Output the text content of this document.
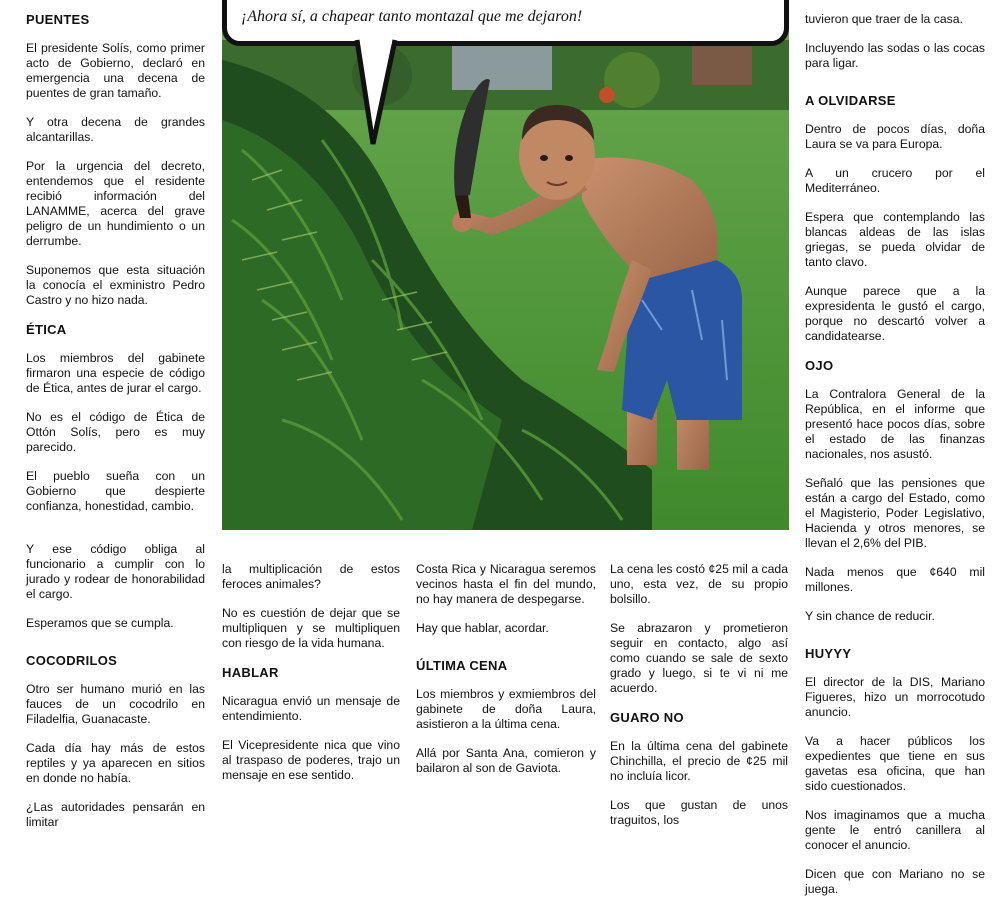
PUENTES

El presidente Solís, como primer acto de Gobierno, declaró en emergencia una decena de puentes de gran tamaño.

Y otra decena de grandes alcantarillas.

Por la urgencia del decreto, entendemos que el residente recibió información del LANAMME, acerca del grave peligro de un hundimiento o un derrumbe.

Suponemos que esta situación la conocía el exministro Pedro Castro y no hizo nada.

ÉTICA

Los miembros del gabinete firmaron una especie de código de Ética, antes de jurar el cargo.

No es el código de Ética de Ottón Solís, pero es muy parecido.

El pueblo sueña con un Gobierno que despierte confianza, honestidad, cambio.

Y ese código obliga al funcionario a cumplir con lo jurado y rodear de honorabilidad el cargo.

Esperamos que se cumpla.

COCODRILOS

Otro ser humano murió en las fauces de un cocodrilo en Filadelfia, Guanacaste.

Cada día hay más de estos reptiles y ya aparecen en sitios en donde no había.

¿Las autoridades pensarán en limitar

¡Ahora sí, a chapear tanto montazal que me dejaron!

la multiplicación de estos feroces animales?

No es cuestión de dejar que se multipliquen y se multipliquen con riesgo de la vida humana.

HABLAR

Nicaragua envió un mensaje de entendimiento.

El Vicepresidente nica que vino al traspaso de poderes, trajo un mensaje en ese sentido.

Costa Rica y Nicaragua seremos vecinos hasta el fin del mundo, no hay manera de despegarse.

Hay que hablar, acordar.

ÚLTIMA CENA

Los miembros y exmiembros del gabinete de doña Laura, asistieron a la última cena.

Allá por Santa Ana, comieron y bailaron al son de Gaviota.

La cena les costó ¢25 mil a cada uno, esta vez, de su propio bolsillo.

Se abrazaron y prometieron seguir en contacto, algo así como cuando se sale de sexto grado y luego, si te vi ni me acuerdo.

GUARO NO

En la última cena del gabinete Chinchilla, el precio de ¢25 mil no incluía licor.

Los que gustan de unos traguitos, los

tuvieron que traer de la casa.

Incluyendo las sodas o las cocas para ligar.

A OLVIDARSE

Dentro de pocos días, doña Laura se va para Europa.

A un crucero por el Mediterráneo.

Espera que contemplando las blancas aldeas de las islas griegas, se pueda olvidar de tanto clavo.

Aunque parece que a la expresidenta le gustó el cargo, porque no descartó volver a candidatearse.

OJO

La Contralora General de la República, en el informe que presentó hace pocos días, sobre el estado de las finanzas nacionales, nos asustó.

Señaló que las pensiones que están a cargo del Estado, como el Magisterio, Poder Legislativo, Hacienda y otros menores, se llevan el 2,6% del PIB.

Nada menos que ¢640 mil millones.

Y sin chance de reducir.

HUYYY

El director de la DIS, Mariano Figueres, hizo un morrocotudo anuncio.

Va a hacer públicos los expedientes que tiene en sus gavetas esa oficina, que han sido cuestionados.

Nos imaginamos que a mucha gente le entró canillera al conocer el anuncio.

Dicen que con Mariano no se juega.
